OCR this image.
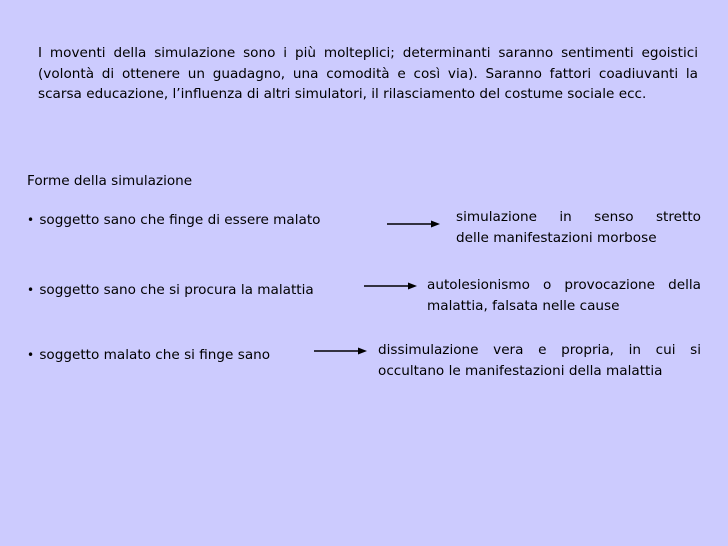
I moventi della simulazione sono i più molteplici; determinanti saranno sentimenti egoistici (volontà di ottenere un guadagno, una comodità e così via). Saranno fattori coadiuvanti la scarsa educazione, l’influenza di altri simulatori, il rilasciamento del costume sociale ecc.

Forme della simulazione

• soggetto sano che finge di essere malato	simulazione in senso stretto
delle manifestazioni morbose

• soggetto sano che si procura la malattia	autolesionismo o provocazione della
malattia, falsata nelle cause

• soggetto malato che si finge sano	dissimulazione vera e propria, in cui si
occultano le manifestazioni della malattia
